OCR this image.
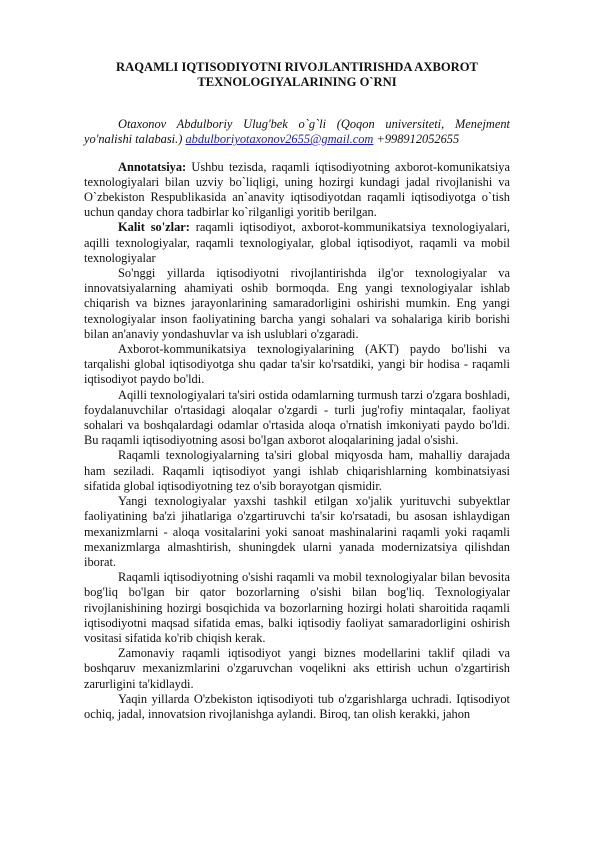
RAQAMLI IQTISODIYOTNI RIVOJLANTIRISHDA AXBOROT TEXNOLOGIYALARINING O`RNI

Otaxonov Abdulboriy Ulug'bek o`g`li (Qoqon universiteti, Menejment yo'nalishi talabasi.) abdulboriyotaxonov2655@gmail.com +998912052655

Annotatsiya: Ushbu tezisda, raqamli iqtisodiyotning axborot-komunikatsiya texnologiyalari bilan uzviy bo`liqligi, uning hozirgi kundagi jadal rivojlanishi va O`zbekiston Respublikasida an`anavity iqtisodiyotdan raqamli iqtisodiyotga o`tish uchun qanday chora tadbirlar ko`rilganligi yoritib berilgan.

Kalit so'zlar: raqamli iqtisodiyot, axborot-kommunikatsiya texnologiyalari, aqilli texnologiyalar, raqamli texnologiyalar, global iqtisodiyot, raqamli va mobil texnologiyalar

So'nggi yillarda iqtisodiyotni rivojlantirishda ilg'or texnologiyalar va innovatsiyalarning ahamiyati oshib bormoqda. Eng yangi texnologiyalar ishlab chiqarish va biznes jarayonlarining samaradorligini oshirishi mumkin. Eng yangi texnologiyalar inson faoliyatining barcha yangi sohalari va sohalariga kirib borishi bilan an'anaviy yondashuvlar va ish uslublari o'zgaradi.

Axborot-kommunikatsiya texnologiyalarining (AKT) paydo bo'lishi va tarqalishi global iqtisodiyotga shu qadar ta'sir ko'rsatdiki, yangi bir hodisa - raqamli iqtisodiyot paydo bo'ldi.

Aqilli texnologiyalari ta'siri ostida odamlarning turmush tarzi o'zgara boshladi, foydalanuvchilar o'rtasidagi aloqalar o'zgardi - turli jug'rofiy mintaqalar, faoliyat sohalari va boshqalardagi odamlar o'rtasida aloqa o'rnatish imkoniyati paydo bo'ldi. Bu raqamli iqtisodiyotning asosi bo'lgan axborot aloqalarining jadal o'sishi.

Raqamli texnologiyalarning ta'siri global miqyosda ham, mahalliy darajada ham seziladi. Raqamli iqtisodiyot yangi ishlab chiqarishlarning kombinatsiyasi sifatida global iqtisodiyotning tez o'sib borayotgan qismidir.

Yangi texnologiyalar yaxshi tashkil etilgan xo'jalik yurituvchi subyektlar faoliyatining ba'zi jihatlariga o'zgartiruvchi ta'sir ko'rsatadi, bu asosan ishlaydigan mexanizmlarni - aloqa vositalarini yoki sanoat mashinalarini raqamli yoki raqamli mexanizmlarga almashtirish, shuningdek ularni yanada modernizatsiya qilishdan iborat.

Raqamli iqtisodiyotning o'sishi raqamli va mobil texnologiyalar bilan bevosita bog'liq bo'lgan bir qator bozorlarning o'sishi bilan bog'liq. Texnologiyalar rivojlanishining hozirgi bosqichida va bozorlarning hozirgi holati sharoitida raqamli iqtisodiyotni maqsad sifatida emas, balki iqtisodiy faoliyat samaradorligini oshirish vositasi sifatida ko'rib chiqish kerak.

Zamonaviy raqamli iqtisodiyot yangi biznes modellarini taklif qiladi va boshqaruv mexanizmlarini o'zgaruvchan voqelikni aks ettirish uchun o'zgartirish zarurligini ta'kidlaydi.

Yaqin yillarda O'zbekiston iqtisodiyoti tub o'zgarishlarga uchradi. Iqtisodiyot ochiq, jadal, innovatsion rivojlanishga aylandi. Biroq, tan olish kerakki, jahon
